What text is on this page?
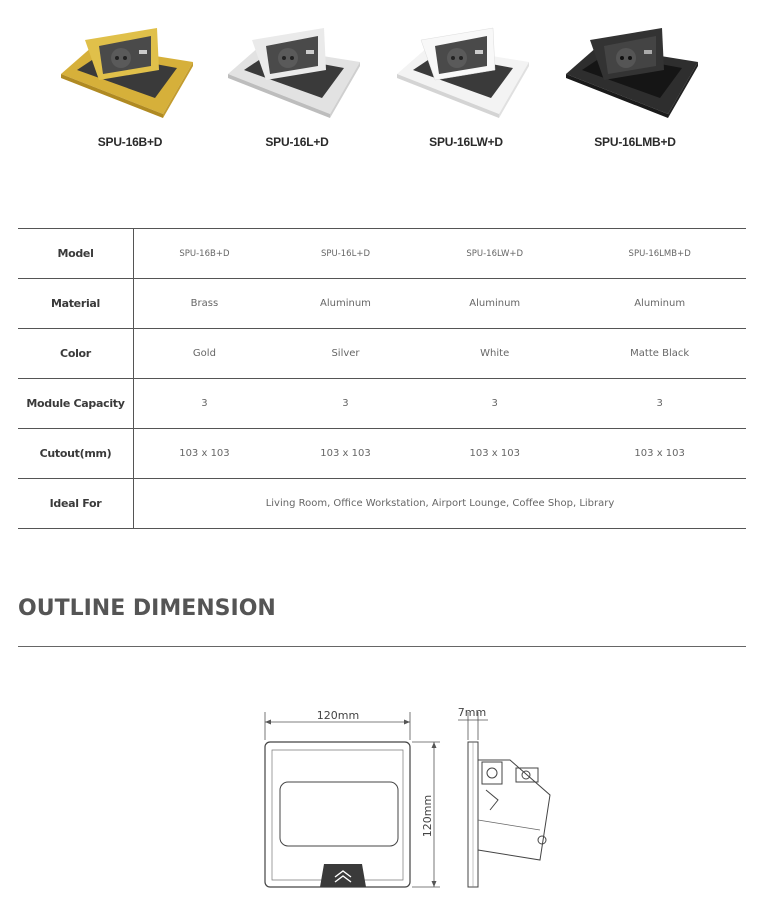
SPU-16B+D	SPU-16L+D	SPU-16LW+D	SPU-16LMB+D
Model	SPU-16B+D	SPU-16L+D	SPU-16LW+D	SPU-16LMB+D
Material	Brass	Aluminum	Aluminum	Aluminum
Color	Gold	Silver	White	Matte Black
Module Capacity	3	3	3	3
Cutout(mm)	103 x 103	103 x 103	103 x 103	103 x 103
Ideal For	Living Room, Office Workstation, Airport Lounge, Coffee Shop, Library			
OUTLINE DIMENSION
120mm
120mm
7mm
